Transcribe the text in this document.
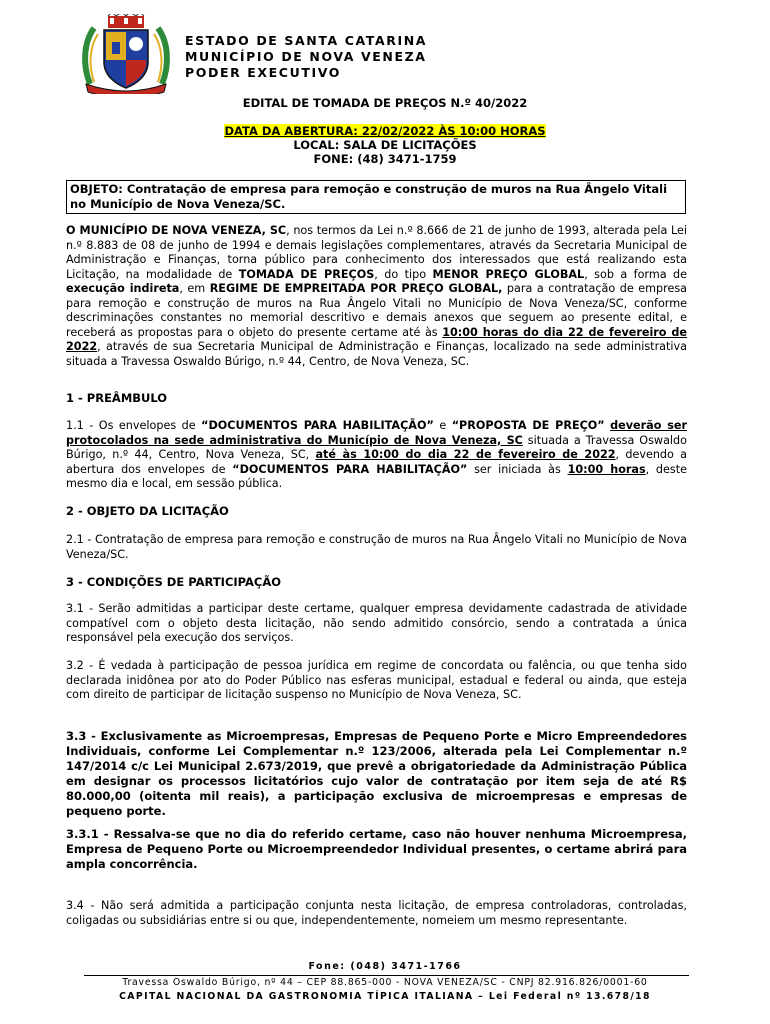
ESTADO DE SANTA CATARINA
MUNICÍPIO DE NOVA VENEZA
PODER EXECUTIVO
EDITAL DE TOMADA DE PREÇOS N.º 40/2022
DATA DA ABERTURA: 22/02/2022 ÀS 10:00 HORAS
LOCAL: SALA DE LICITAÇÕES
FONE: (48) 3471-1759
OBJETO: Contratação de empresa para remoção e construção de muros na Rua Ângelo Vitali no Município de Nova Veneza/SC.
O MUNICÍPIO DE NOVA VENEZA, SC, nos termos da Lei n.º 8.666 de 21 de junho de 1993, alterada pela Lei n.º 8.883 de 08 de junho de 1994 e demais legislações complementares, através da Secretaria Municipal de Administração e Finanças, torna público para conhecimento dos interessados que está realizando esta Licitação, na modalidade de TOMADA DE PREÇOS, do tipo MENOR PREÇO GLOBAL, sob a forma de execução indireta, em REGIME DE EMPREITADA POR PREÇO GLOBAL, para a contratação de empresa para remoção e construção de muros na Rua Ângelo Vitali no Município de Nova Veneza/SC, conforme descriminações constantes no memorial descritivo e demais anexos que seguem ao presente edital, e receberá as propostas para o objeto do presente certame até às 10:00 horas do dia 22 de fevereiro de 2022, através de sua Secretaria Municipal de Administração e Finanças, localizado na sede administrativa situada a Travessa Oswaldo Búrigo, n.º 44, Centro, de Nova Veneza, SC.
1 - PREÂMBULO
1.1 - Os envelopes de “DOCUMENTOS PARA HABILITAÇÃO” e “PROPOSTA DE PREÇO” deverão ser protocolados na sede administrativa do Município de Nova Veneza, SC situada a Travessa Oswaldo Búrigo, n.º 44, Centro, Nova Veneza, SC, até às 10:00 do dia 22 de fevereiro de 2022, devendo a abertura dos envelopes de “DOCUMENTOS PARA HABILITAÇÃO” ser iniciada às 10:00 horas, deste mesmo dia e local, em sessão pública.
2 - OBJETO DA LICITAÇÃO
2.1 - Contratação de empresa para remoção e construção de muros na Rua Ângelo Vitali no Município de Nova Veneza/SC.
3 - CONDIÇÕES DE PARTICIPAÇÃO
3.1 - Serão admitidas a participar deste certame, qualquer empresa devidamente cadastrada de atividade compatível com o objeto desta licitação, não sendo admitido consórcio, sendo a contratada a única responsável pela execução dos serviços.
3.2 - É vedada à participação de pessoa jurídica em regime de concordata ou falência, ou que tenha sido declarada inidônea por ato do Poder Público nas esferas municipal, estadual e federal ou ainda, que esteja com direito de participar de licitação suspenso no Município de Nova Veneza, SC.
3.3 - Exclusivamente as Microempresas, Empresas de Pequeno Porte e Micro Empreendedores Individuais, conforme Lei Complementar n.º 123/2006, alterada pela Lei Complementar n.º 147/2014 c/c Lei Municipal 2.673/2019, que prevê a obrigatoriedade da Administração Pública em designar os processos licitatórios cujo valor de contratação por item seja de até R$ 80.000,00 (oitenta mil reais), a participação exclusiva de microempresas e empresas de pequeno porte.
3.3.1 - Ressalva-se que no dia do referido certame, caso não houver nenhuma Microempresa, Empresa de Pequeno Porte ou Microempreendedor Individual presentes, o certame abrirá para ampla concorrência.
3.4 - Não será admitida a participação conjunta nesta licitação, de empresa controladoras, controladas, coligadas ou subsidiárias entre si ou que, independentemente, nomeiem um mesmo representante.
Fone: (048) 3471-1766
Travessa Oswaldo Búrigo, nº 44 – CEP 88.865-000 - NOVA VENEZA/SC - CNPJ 82.916.826/0001-60
CAPITAL NACIONAL DA GASTRONOMIA TÍPICA ITALIANA – Lei Federal nº 13.678/18
